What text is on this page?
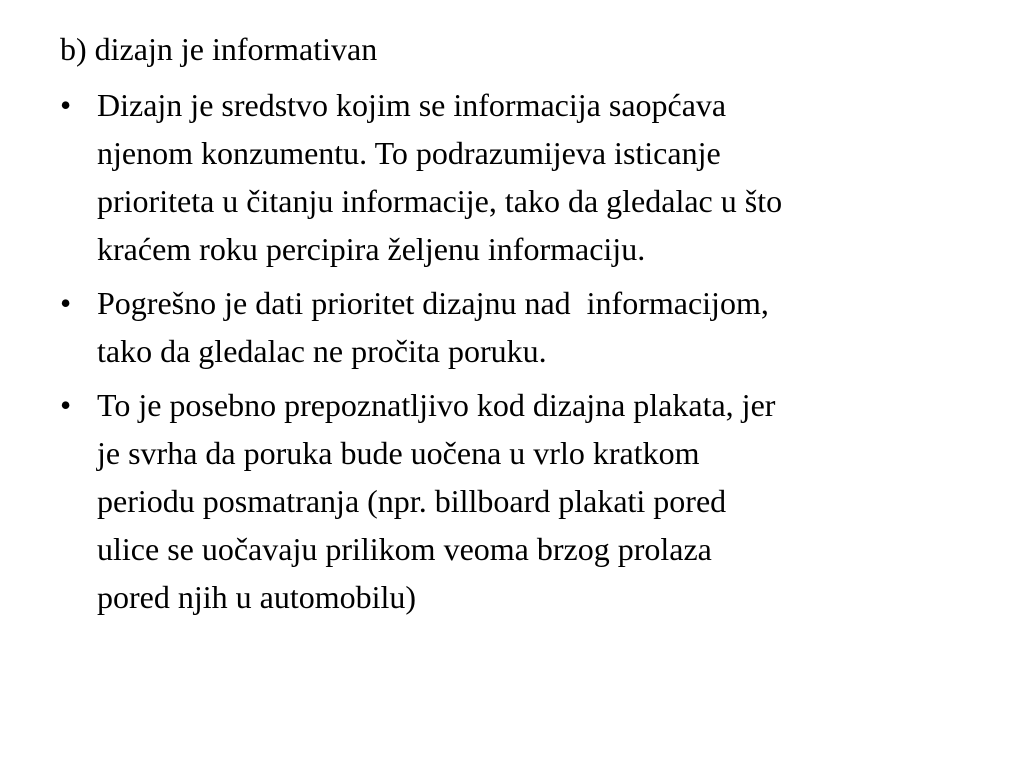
b) dizajn je informativan
• Dizajn je sredstvo kojim se informacija saopćava
njenom konzumentu. To podrazumijeva isticanje
prioriteta u čitanju informacije, tako da gledalac u što
kraćem roku percipira željenu informaciju.
• Pogrešno je dati prioritet dizajnu nad  informacijom,
tako da gledalac ne pročita poruku.
• To je posebno prepoznatljivo kod dizajna plakata, jer
je svrha da poruka bude uočena u vrlo kratkom
periodu posmatranja (npr. billboard plakati pored
ulice se uočavaju prilikom veoma brzog prolaza
pored njih u automobilu)
